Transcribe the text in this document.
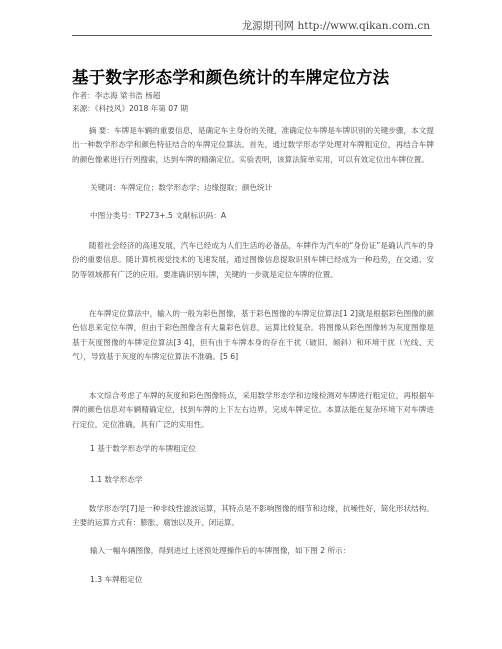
龙源期刊网 http://www.qikan.com.cn
基于数字形态学和颜色统计的车牌定位方法
作者：李志海 梁书浩 杨超
来源：《科技风》2018 年第 07 期

摘 要：车牌是车辆的重要信息，是确定车主身份的关键，准确定位车牌是车牌识别的关键步骤，本文提出一种数学形态学和颜色特征结合的车牌定位算法。首先，通过数学形态学处理对车牌粗定位，再结合车牌的颜色像素进行行列搜索，达到车牌的精确定位。实验表明，该算法简单实用，可以有效定位出车牌位置。

关键词：车牌定位；数学形态学；边缘提取；颜色统计

中图分类号：TP273+.5 文献标识码：A

随着社会经济的高速发展，汽车已经成为人们生活的必备品，车牌作为汽车的“身份证”是确认汽车的身份的重要信息。随计算机视觉技术的飞速发展，通过图像信息提取识别车牌已经成为一种趋势，在交通、安防等领域都有广泛的应用。要准确识别车牌，关键的一步就是定位车牌的位置。

在车牌定位算法中，输入的一般为彩色图像，基于彩色图像的车牌定位算法[1 2]就是根据彩色图像的颜色信息来定位车牌，但由于彩色图像含有大量彩色信息，运算比较复杂。将图像从彩色图像转为灰度图像是基于灰度图像的车牌定位算法[3 4]，但有由于车牌本身的存在干扰（破旧、倾斜）和环境干扰（光线、天气），导致基于灰度的车牌定位算法不准确。[5 6]

本文综合考虑了车牌的灰度和彩色图像特点，采用数学形态学和边缘检测对车牌进行粗定位，再根据车牌的颜色信息对车辆精确定位，找到车牌的上下左右边界，完成车牌定位。本算法能在复杂环境下对车牌进行定位，定位准确，具有广泛的实用性。

1 基于数学形态学的车牌粗定位

1.1 数学形态学

数学形态学[7]是一种非线性滤波运算，其特点是不影响图像的细节和边缘，抗噪性好，简化形状结构。主要的运算方式有：膨胀、腐蚀以及开、闭运算。

输入一幅车辆图像，得到进过上述预处理操作后的车牌图像，如下图 2 所示：

1.3 车牌粗定位
